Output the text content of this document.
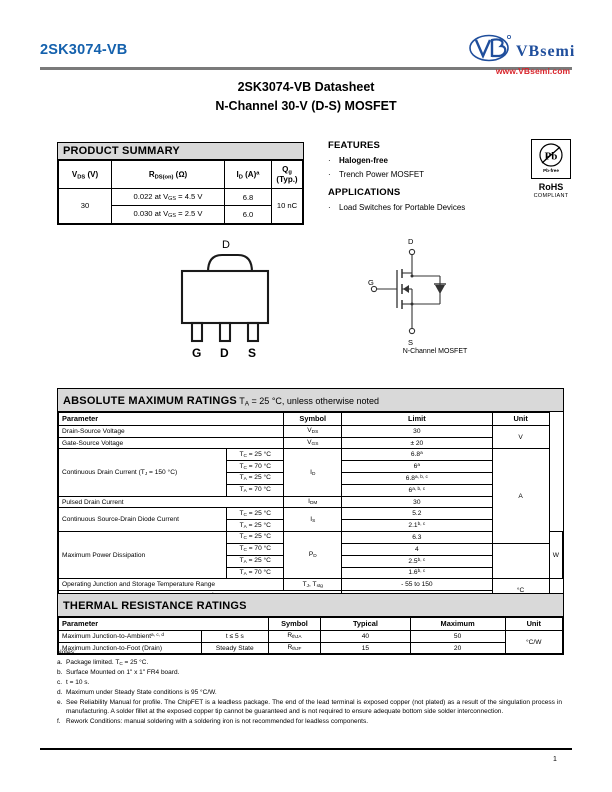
2SK3074-VB	VBsemi
www.VBsemi.com
2SK3074-VB Datasheet
N-Channel 30-V (D-S) MOSFET
PRODUCT SUMMARY
$V_{DS}$ (V)	$R_{DS(on)}$ (Ω)	$I_D$ $(A)^a$	$Q_g$ (Typ.)
30	0.022 at $V_{GS} = 4.5$ V	6.8	10 nC
	0.030 at $V_{GS} = 2.5$ V	6.0	
FEATURES
·	Halogen-free
·	Trench Power MOSFET
APPLICATIONS
·	Load Switches for Portable Devices
Pb
Pb-free
RoHS
COMPLIANT
D
G D S
D
G
S
N-Channel MOSFET
ABSOLUTE MAXIMUM RATINGS $T_A = 25$ °C, unless otherwise noted
Parameter		Symbol	Limit	Unit	
Drain-Source Voltage		$V_{DS}$	30	V	
Gate-Source Voltage		$V_{GS}$	± 20		
Continuous Drain Current ($T_J = 150$ °C)	$T_C = 25$ °C	$I_D$	6.8$^a$	A	
	$T_C = 70$ °C		6$^a$
	$T_A = 25$ °C		6.8$^{a, b, c}$
	$T_A = 70$ °C		6$^{a, b, c}$
Pulsed Drain Current		$I_{DM}$	30		
Continuous Source-Drain Diode Current	$T_C = 25$ °C	$I_S$	5.2		
	$T_A = 25$ °C		2.1$^{b, c}$
Maximum Power Dissipation	$T_C = 25$ °C	$P_D$	6.3		W
	$T_C = 70$ °C		4		
	$T_A = 25$ °C		2.5$^{b, c}$
	$T_A = 70$ °C		1.6$^{b, c}$
Operating Junction and Storage Temperature Range		$T_J$, $T_{stg}$	- 55 to 150	°C	

THERMAL RESISTANCE RATINGS
Parameter		Symbol	Typical	Maximum	Unit
Maximum Junction-to-Ambient$^{a, c, d}$	t ≤ 5 s	$R_{thJA}$	40	50	°C/W
Maximum Junction-to-Foot (Drain)	Steady State	$R_{thJF}$	15	20	
Notes:
a. Package limited. $T_C = 25$ °C.
b. Surface Mounted on 1" x 1" FR4 board.
c. t = 10 s.
d. Maximum under Steady State conditions is 95 °C/W.
e. See Reliability Manual for profile. The ChipFET is a leadless package. The end of the lead terminal is exposed copper (not plated) as a result of the singulation process in manufacturing. A solder fillet at the exposed copper tip cannot be guaranteed and is not required to ensure adequate bottom side solder interconnection.
f. Rework Conditions: manual soldering with a soldering iron is not recommended for leadless components.
1
